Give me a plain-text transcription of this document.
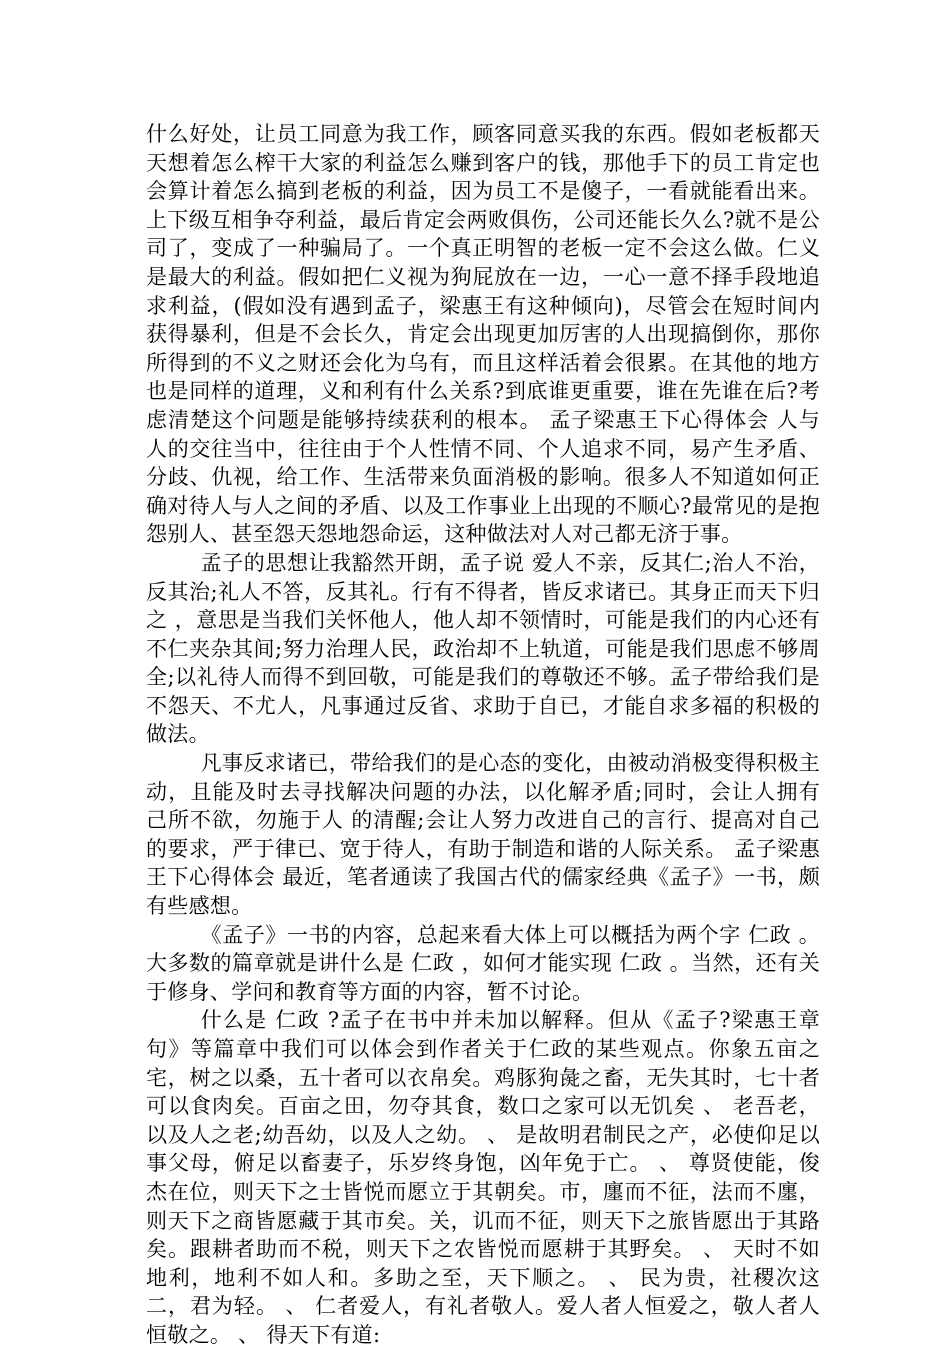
什么好处，让员工同意为我工作，顾客同意买我的东西。假如老板都天天想着怎么榨干大家的利益怎么赚到客户的钱，那他手下的员工肯定也会算计着怎么搞到老板的利益，因为员工不是傻子，一看就能看出来。上下级互相争夺利益，最后肯定会两败俱伤，公司还能长久么?就不是公司了，变成了一种骗局了。一个真正明智的老板一定不会这么做。仁义是最大的利益。假如把仁义视为狗屁放在一边，一心一意不择手段地追求利益，(假如没有遇到孟子，梁惠王有这种倾向)，尽管会在短时间内获得暴利，但是不会长久，肯定会出现更加厉害的人出现搞倒你，那你所得到的不义之财还会化为乌有，而且这样活着会很累。在其他的地方也是同样的道理，义和利有什么关系?到底谁更重要，谁在先谁在后?考虑清楚这个问题是能够持续获利的根本。 孟子梁惠王下心得体会 人与人的交往当中，往往由于个人性情不同、个人追求不同，易产生矛盾、分歧、仇视，给工作、生活带来负面消极的影响。很多人不知道如何正确对待人与人之间的矛盾、以及工作事业上出现的不顺心?最常见的是抱怨别人、甚至怨天怨地怨命运，这种做法对人对己都无济于事。

孟子的思想让我豁然开朗，孟子说 爱人不亲，反其仁;治人不治，反其治;礼人不答，反其礼。行有不得者，皆反求诸已。其身正而天下归之 ，意思是当我们关怀他人，他人却不领情时，可能是我们的内心还有不仁夹杂其间;努力治理人民，政治却不上轨道，可能是我们思虑不够周全;以礼待人而得不到回敬，可能是我们的尊敬还不够。孟子带给我们是不怨天、不尤人，凡事通过反省、求助于自已，才能自求多福的积极的做法。

凡事反求诸已，带给我们的是心态的变化，由被动消极变得积极主动，且能及时去寻找解决问题的办法，以化解矛盾;同时，会让人拥有 己所不欲，勿施于人 的清醒;会让人努力改进自己的言行、提高对自己的要求，严于律已、宽于待人，有助于制造和谐的人际关系。 孟子梁惠王下心得体会 最近，笔者通读了我国古代的儒家经典《孟子》一书，颇有些感想。

《孟子》一书的内容，总起来看大体上可以概括为两个字 仁政 。大多数的篇章就是讲什么是 仁政 ，如何才能实现 仁政 。当然，还有关于修身、学问和教育等方面的内容，暂不讨论。

什么是 仁政 ?孟子在书中并未加以解释。但从《孟子?梁惠王章句》等篇章中我们可以体会到作者关于仁政的某些观点。你象五亩之宅，树之以桑，五十者可以衣帛矣。鸡豚狗彘之畜，无失其时，七十者可以食肉矣。百亩之田，勿夺其食，数口之家可以无饥矣 、 老吾老，以及人之老;幼吾幼，以及人之幼。 、 是故明君制民之产，必使仰足以事父母，俯足以畜妻子，乐岁终身饱，凶年免于亡。 、 尊贤使能，俊杰在位，则天下之士皆悦而愿立于其朝矣。市，廛而不征，法而不廛，则天下之商皆愿藏于其市矣。关，讥而不征，则天下之旅皆愿出于其路矣。跟耕者助而不税，则天下之农皆悦而愿耕于其野矣。 、 天时不如地利，地利不如人和。多助之至，天下顺之。 、 民为贵，社稷次这二，君为轻。 、 仁者爱人，有礼者敬人。爱人者人恒爱之，敬人者人恒敬之。 、 得天下有道:
